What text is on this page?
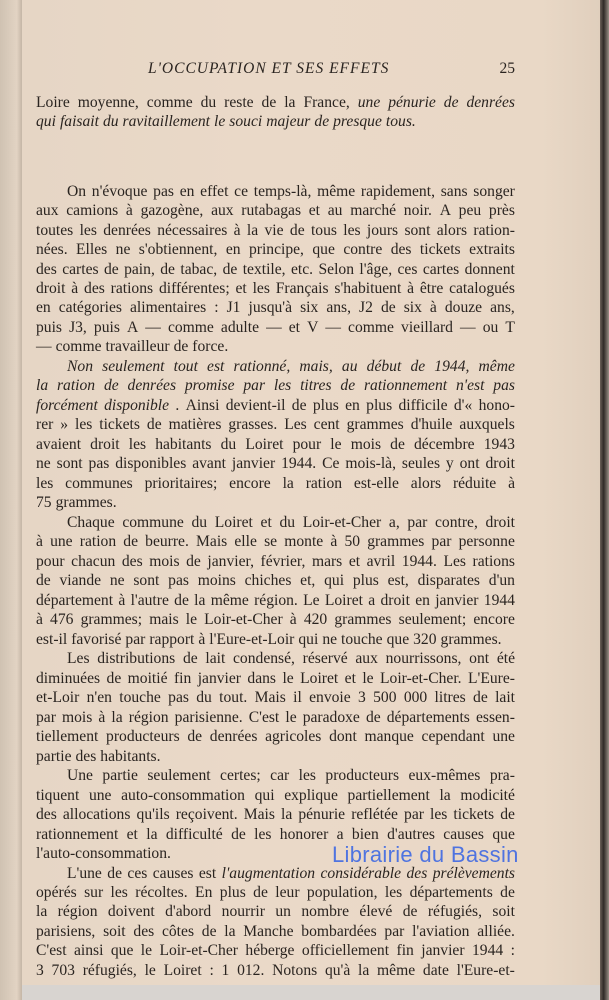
L'OCCUPATION ET SES EFFETS	25
Loire moyenne, comme du reste de la France, une pénurie de denrées
qui faisait du ravitaillement le souci majeur de presque tous.
On n'évoque pas en effet ce temps-là, même rapidement, sans songer
aux camions à gazogène, aux rutabagas et au marché noir. A peu près
toutes les denrées nécessaires à la vie de tous les jours sont alors ration-
nées. Elles ne s'obtiennent, en principe, que contre des tickets extraits
des cartes de pain, de tabac, de textile, etc. Selon l'âge, ces cartes donnent
droit à des rations différentes; et les Français s'habituent à être catalogués
en catégories alimentaires : J1 jusqu'à six ans, J2 de six à douze ans,
puis J3, puis A — comme adulte — et V — comme vieillard — ou T
— comme travailleur de force.
Non seulement tout est rationné, mais, au début de 1944, même
la ration de denrées promise par les titres de rationnement n'est pas
forcément disponible . Ainsi devient-il de plus en plus difficile d'« hono-
rer » les tickets de matières grasses. Les cent grammes d'huile auxquels
avaient droit les habitants du Loiret pour le mois de décembre 1943
ne sont pas disponibles avant janvier 1944. Ce mois-là, seules y ont droit
les communes prioritaires; encore la ration est-elle alors réduite à
75 grammes.
Chaque commune du Loiret et du Loir-et-Cher a, par contre, droit
à une ration de beurre. Mais elle se monte à 50 grammes par personne
pour chacun des mois de janvier, février, mars et avril 1944. Les rations
de viande ne sont pas moins chiches et, qui plus est, disparates d'un
département à l'autre de la même région. Le Loiret a droit en janvier 1944
à 476 grammes; mais le Loir-et-Cher à 420 grammes seulement; encore
est-il favorisé par rapport à l'Eure-et-Loir qui ne touche que 320 grammes.
Les distributions de lait condensé, réservé aux nourrissons, ont été
diminuées de moitié fin janvier dans le Loiret et le Loir-et-Cher. L'Eure-
et-Loir n'en touche pas du tout. Mais il envoie 3 500 000 litres de lait
par mois à la région parisienne. C'est le paradoxe de départements essen-
tiellement producteurs de denrées agricoles dont manque cependant une
partie des habitants.
Une partie seulement certes; car les producteurs eux-mêmes pra-
tiquent une auto-consommation qui explique partiellement la modicité
des allocations qu'ils reçoivent. Mais la pénurie reflétée par les tickets de
rationnement et la difficulté de les honorer a bien d'autres causes que
l'auto-consommation.
L'une de ces causes est l'augmentation considérable des prélèvements
opérés sur les récoltes. En plus de leur population, les départements de
la région doivent d'abord nourrir un nombre élevé de réfugiés, soit
parisiens, soit des côtes de la Manche bombardées par l'aviation alliée.
C'est ainsi que le Loir-et-Cher héberge officiellement fin janvier 1944 :
3 703 réfugiés, le Loiret : 1 012. Notons qu'à la même date l'Eure-et-
Librairie du Bassin
